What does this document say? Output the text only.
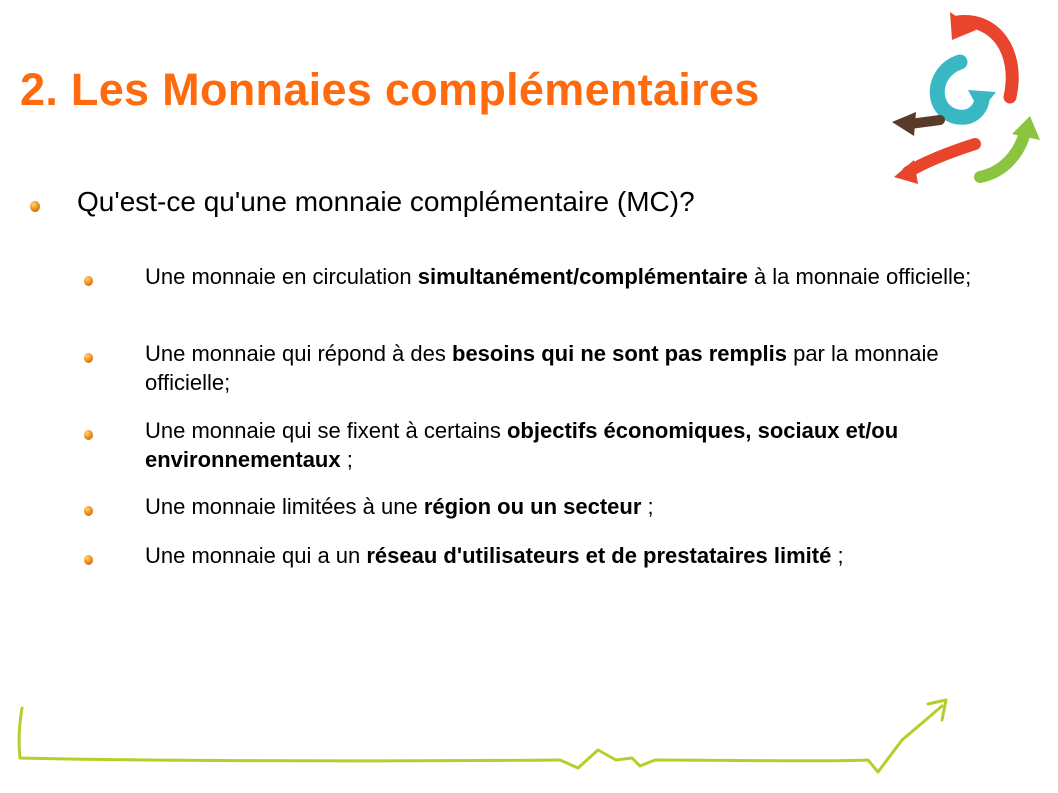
2. Les Monnaies complémentaires
Qu'est-ce qu'une monnaie complémentaire (MC)?
Une monnaie en circulation simultanément/complémentaire à la monnaie officielle;
Une monnaie qui répond à des besoins qui ne sont pas remplis par la monnaie officielle;
Une monnaie qui se fixent à certains objectifs économiques, sociaux et/ou environnementaux ;
Une monnaie limitées à une région ou un secteur ;
Une monnaie qui a un réseau d'utilisateurs et de prestataires limité ;
